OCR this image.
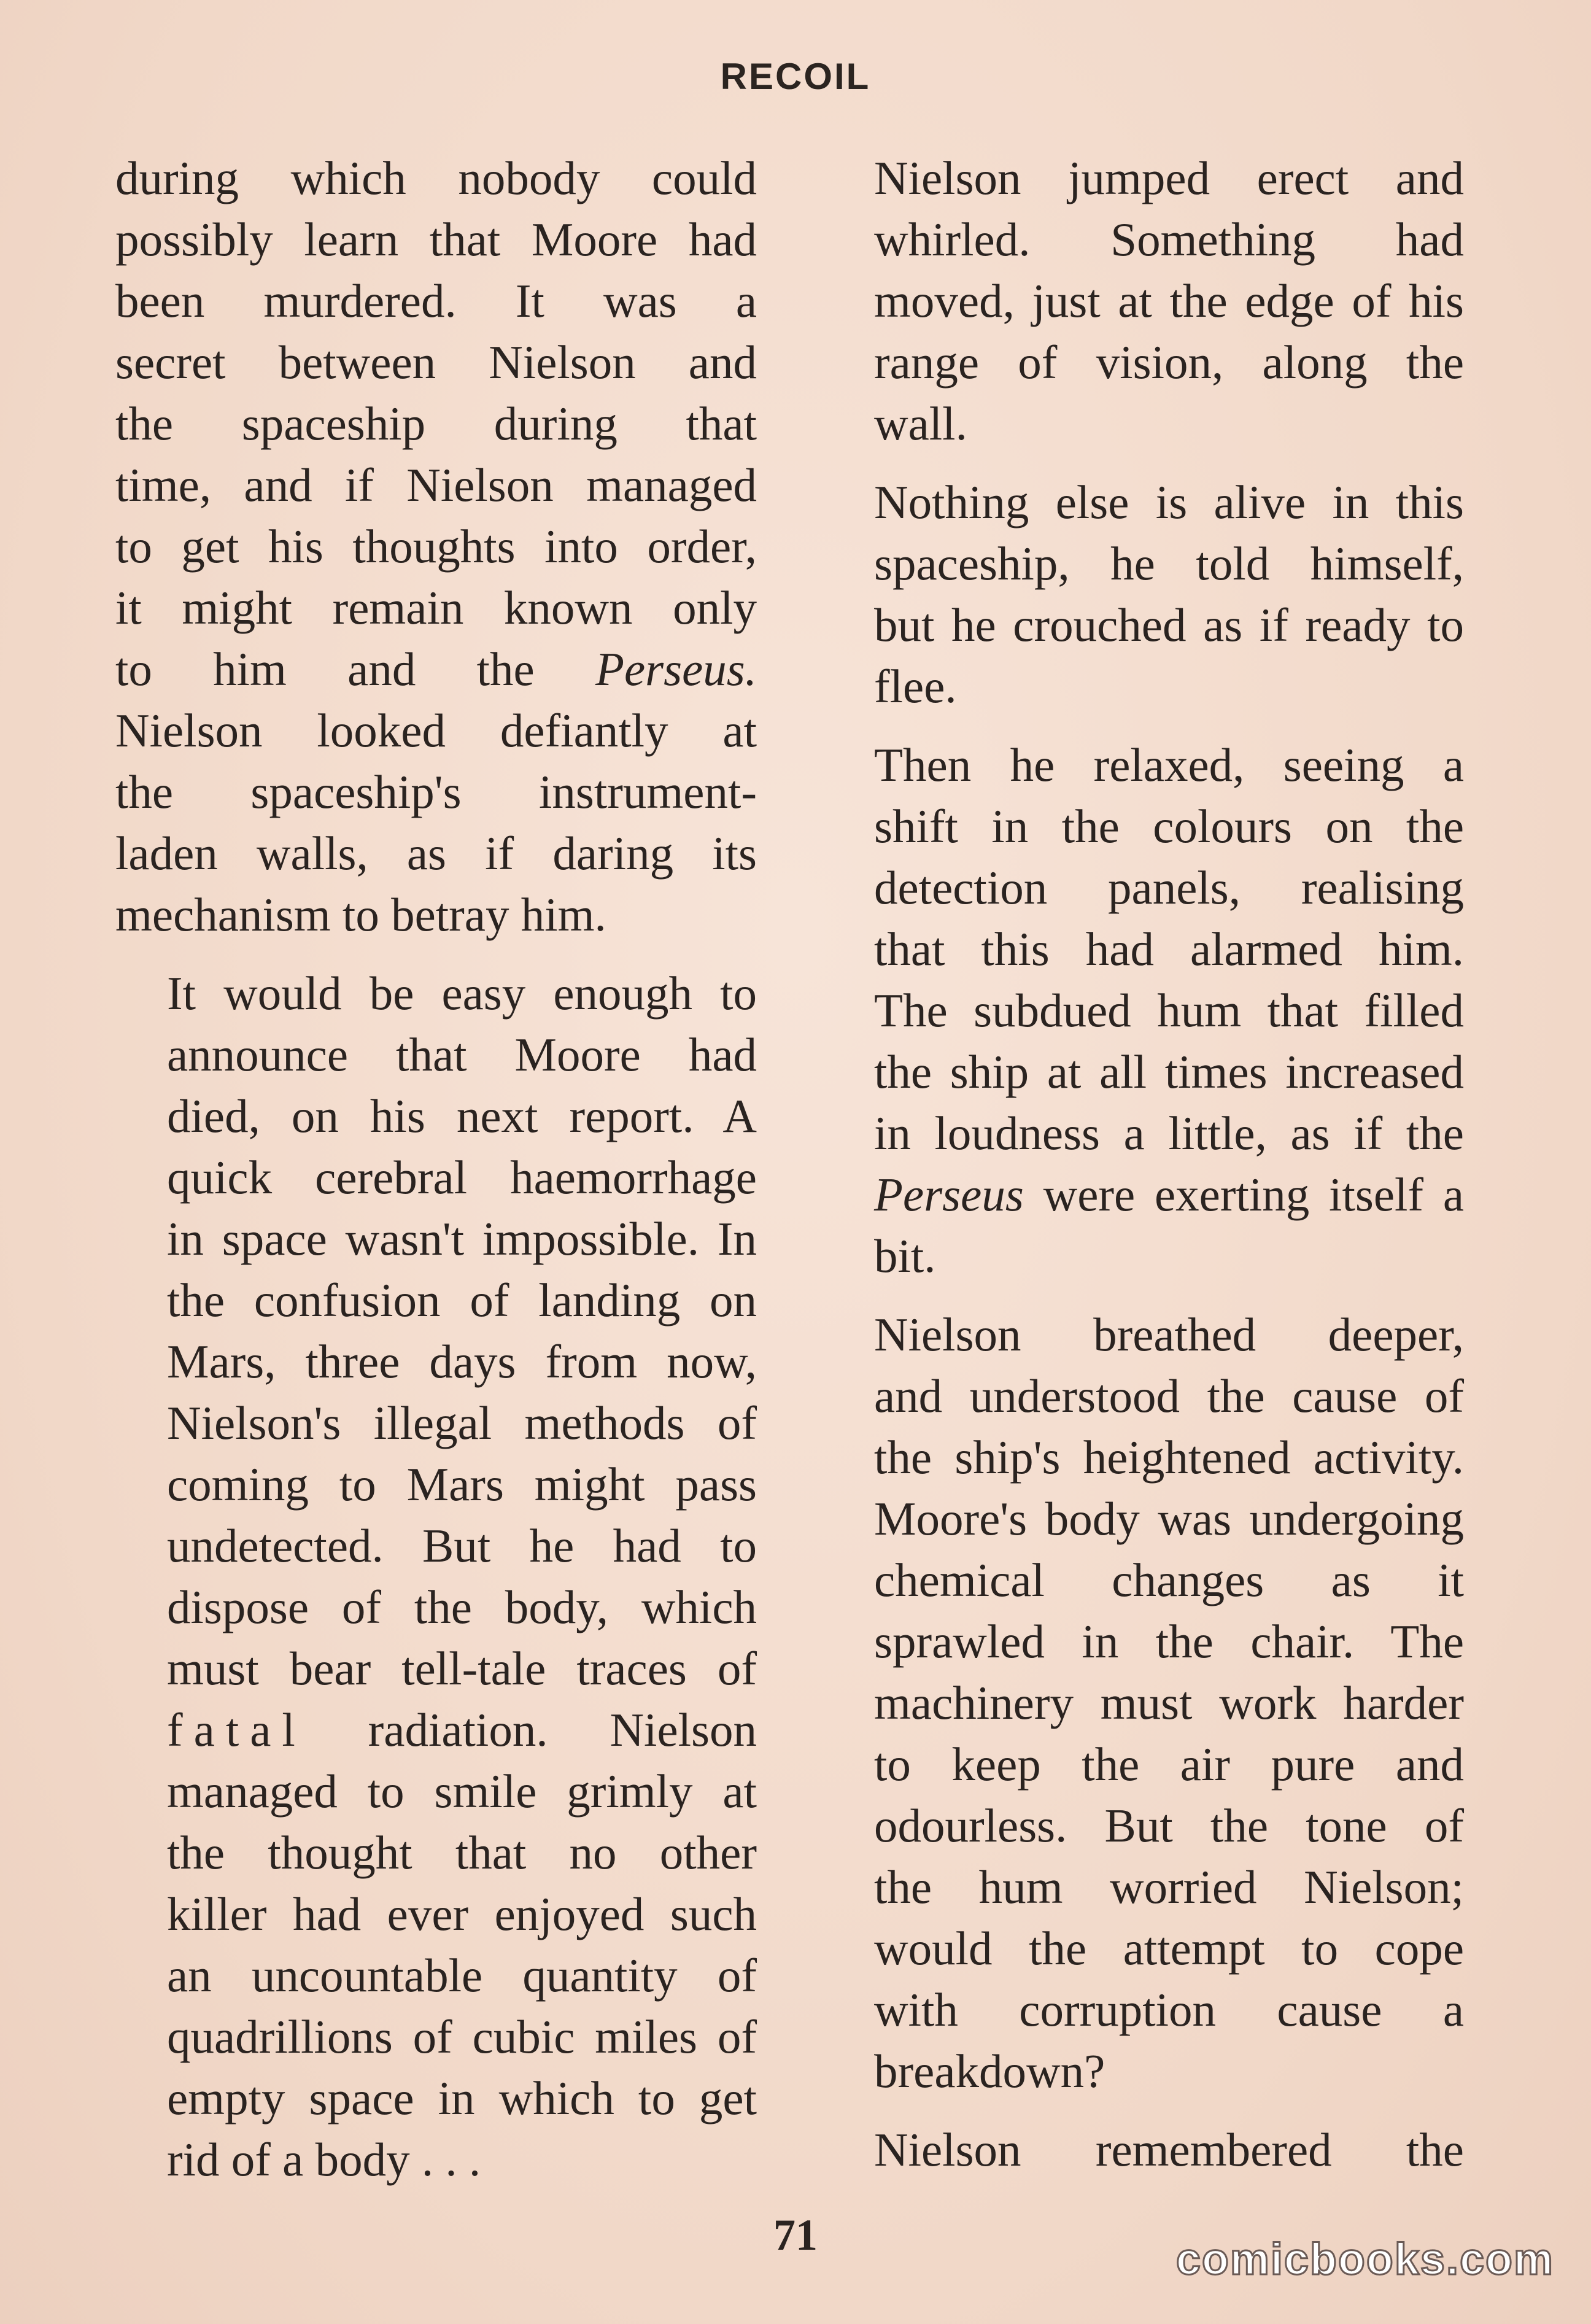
RECOIL

during which nobody could
possibly learn that Moore had
been murdered. It was a
secret between Nielson and
the spaceship during that
time, and if Nielson managed
to get his thoughts into order,
it might remain known only
to him and the Perseus.
Nielson looked defiantly at
the spaceship's instrument-
laden walls, as if daring its
mechanism to betray him.

It would be easy enough to
announce that Moore had
died, on his next report. A
quick cerebral haemorrhage
in space wasn't impossible. In
the confusion of landing on
Mars, three days from now,
Nielson's illegal methods of
coming to Mars might pass
undetected. But he had to
dispose of the body, which
must bear tell-tale traces of
fatal radiation. Nielson
managed to smile grimly at
the thought that no other
killer had ever enjoyed such
an uncountable quantity of
quadrillions of cubic miles of
empty space in which to get
rid of a body . . .

Nielson jumped erect and
whirled. Something had
moved, just at the edge of his
range of vision, along the
wall.

Nothing else is alive in this
spaceship, he told himself,
but he crouched as if ready to
flee.

Then he relaxed, seeing a
shift in the colours on the
detection panels, realising
that this had alarmed him.
The subdued hum that filled
the ship at all times increased
in loudness a little, as if the
Perseus were exerting itself a
bit.

Nielson breathed deeper,
and understood the cause of
the ship's heightened activity.
Moore's body was undergoing
chemical changes as it
sprawled in the chair. The
machinery must work harder
to keep the air pure and
odourless. But the tone of
the hum worried Nielson;
would the attempt to cope
with corruption cause a
breakdown?

Nielson remembered the

71	comicbooks.com
